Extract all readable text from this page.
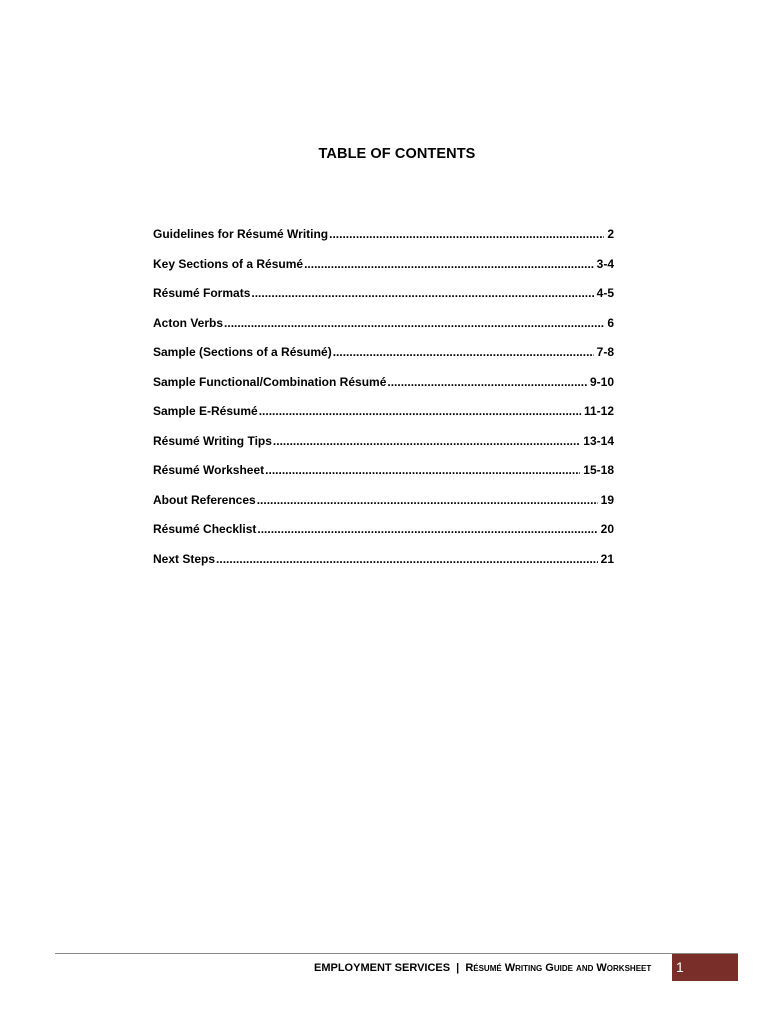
TABLE OF CONTENTS
Guidelines for Résumé Writing .....	2
Key Sections of a Résumé .....	3-4
Résumé Formats .....	4-5
Acton Verbs .....	6
Sample (Sections of a Résumé) .....	7-8
Sample Functional/Combination Résumé .....	9-10
Sample E-Résumé .....	11-12
Résumé Writing Tips .....	13-14
Résumé Worksheet .....	15-18
About References .....	19
Résumé Checklist .....	20
Next Steps .....	21
EMPLOYMENT SERVICES | Résumé Writing Guide and Worksheet 1
